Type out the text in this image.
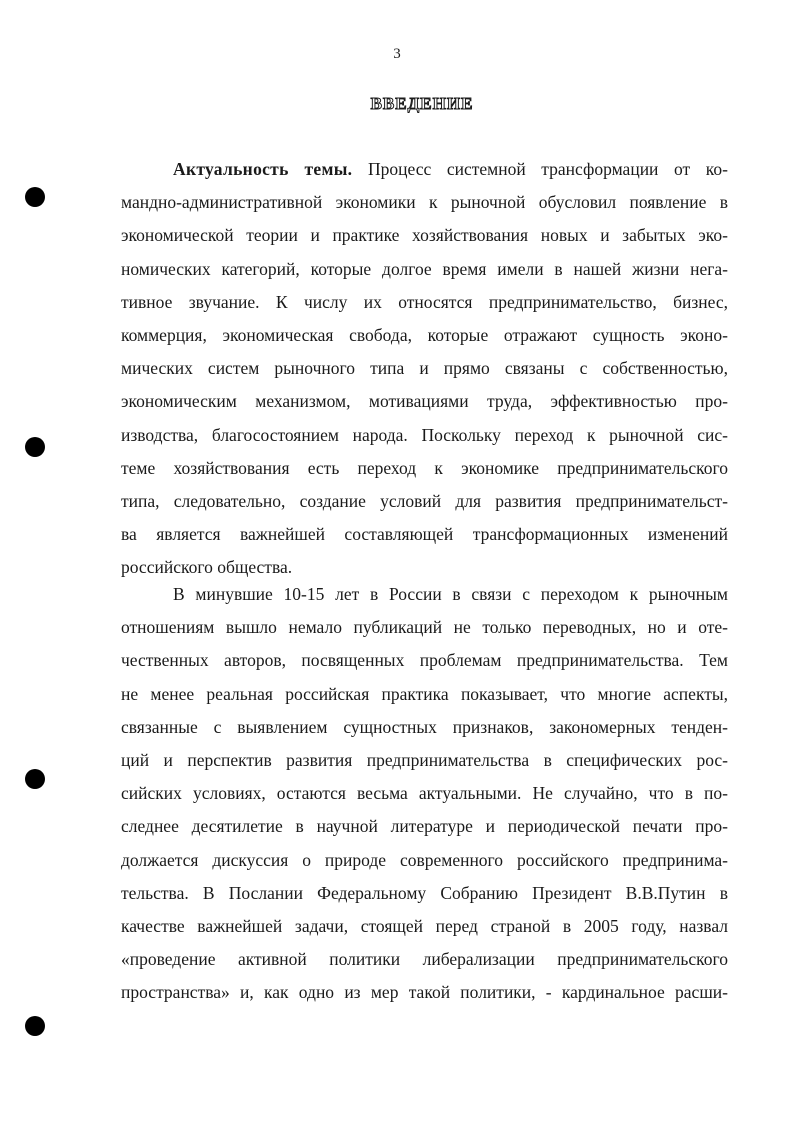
3
ВВЕДЕНИЕ
Актуальность темы. Процесс системной трансформации от ко-
мандно-административной экономики к рыночной обусловил появление в
экономической теории и практике хозяйствования новых и забытых эко-
номических категорий, которые долгое время имели в нашей жизни нега-
тивное звучание. К числу их относятся предпринимательство, бизнес,
коммерция, экономическая свобода, которые отражают сущность эконо-
мических систем рыночного типа и прямо связаны с собственностью,
экономическим механизмом, мотивациями труда, эффективностью про-
изводства, благосостоянием народа. Поскольку переход к рыночной сис-
теме хозяйствования есть переход к экономике предпринимательского
типа, следовательно, создание условий для развития предпринимательст-
ва является важнейшей составляющей трансформационных изменений
российского общества.
В минувшие 10-15 лет в России в связи с переходом к рыночным
отношениям вышло немало публикаций не только переводных, но и оте-
чественных авторов, посвященных проблемам предпринимательства. Тем
не менее реальная российская практика показывает, что многие аспекты,
связанные с выявлением сущностных признаков, закономерных тенден-
ций и перспектив развития предпринимательства в специфических рос-
сийских условиях, остаются весьма актуальными. Не случайно, что в по-
следнее десятилетие в научной литературе и периодической печати про-
должается дискуссия о природе современного российского предпринима-
тельства. В Послании Федеральному Собранию Президент В.В.Путин в
качестве важнейшей задачи, стоящей перед страной в 2005 году, назвал
«проведение активной политики либерализации предпринимательского
пространства» и, как одно из мер такой политики, - кардинальное расши-
